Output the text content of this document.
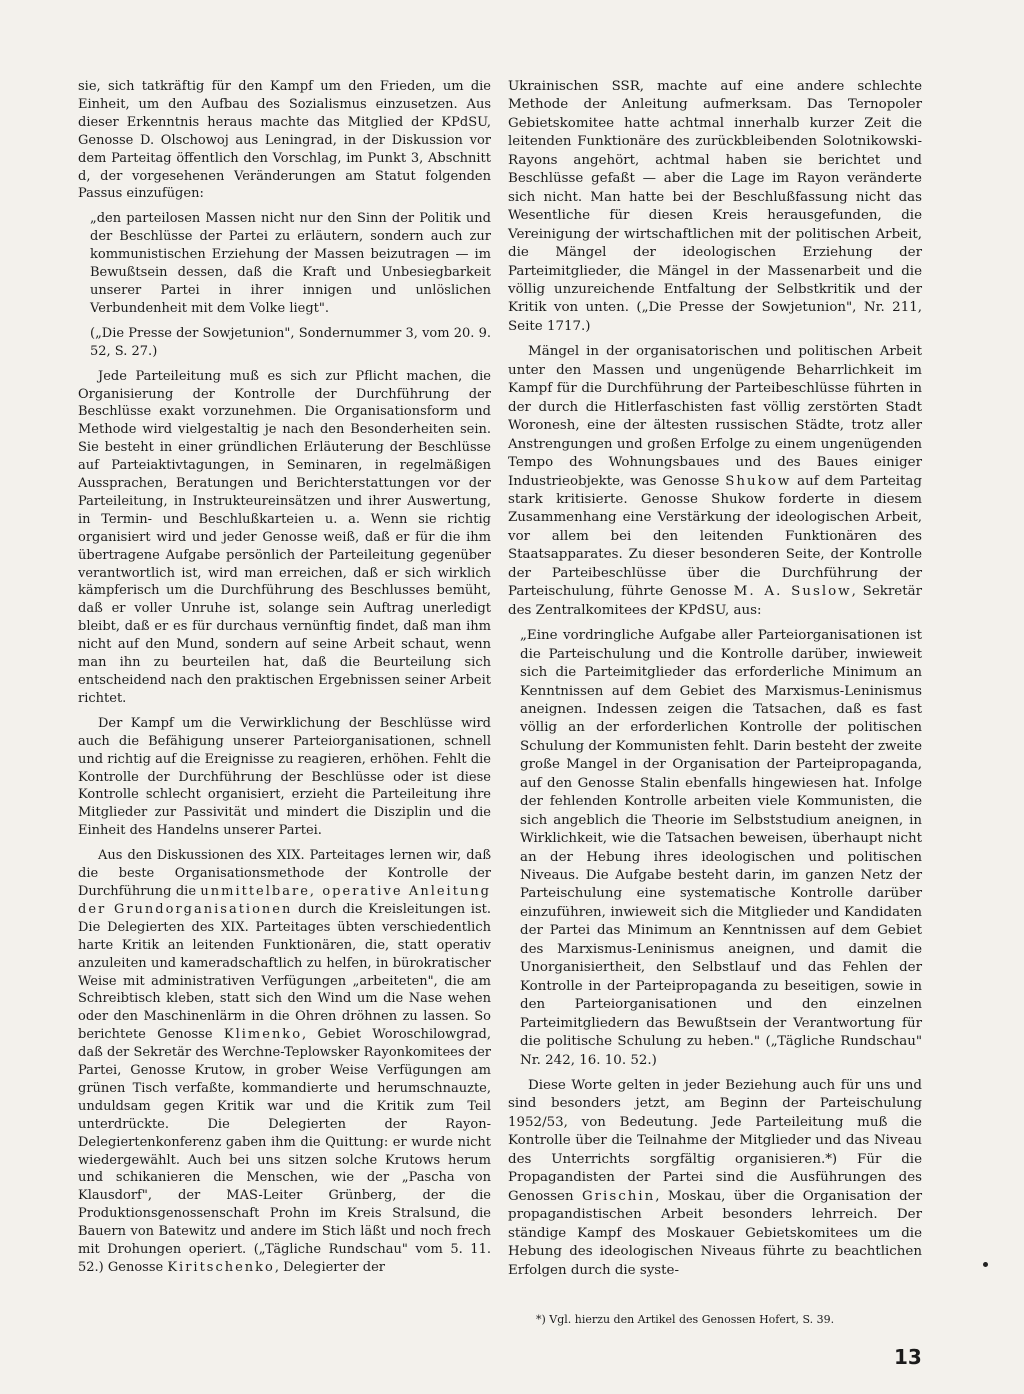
sie, sich tatkräftig für den Kampf um den Frieden, um die Einheit, um den Aufbau des Sozialismus einzusetzen. Aus dieser Erkenntnis heraus machte das Mitglied der KPdSU, Genosse D. Olschowoj aus Leningrad, in der Diskussion vor dem Parteitag öffentlich den Vorschlag, im Punkt 3, Abschnitt d, der vorgesehenen Veränderungen am Statut folgenden Passus einzufügen:

„den parteilosen Massen nicht nur den Sinn der Politik und der Beschlüsse der Partei zu erläutern, sondern auch zur kommunistischen Erziehung der Massen beizutragen — im Bewußtsein dessen, daß die Kraft und Unbesiegbarkeit unserer Partei in ihrer innigen und unlöslichen Verbundenheit mit dem Volke liegt".

(„Die Presse der Sowjetunion", Sondernummer 3, vom 20. 9. 52, S. 27.)

Jede Parteileitung muß es sich zur Pflicht machen, die Organisierung der Kontrolle der Durchführung der Beschlüsse exakt vorzunehmen. Die Organisationsform und Methode wird vielgestaltig je nach den Besonderheiten sein. Sie besteht in einer gründlichen Erläuterung der Beschlüsse auf Parteiaktivtagungen, in Seminaren, in regelmäßigen Aussprachen, Beratungen und Berichterstattungen vor der Parteileitung, in Instrukteureinsätzen und ihrer Auswertung, in Termin- und Beschlußkarteien u. a. Wenn sie richtig organisiert wird und jeder Genosse weiß, daß er für die ihm übertragene Aufgabe persönlich der Parteileitung gegenüber verantwortlich ist, wird man erreichen, daß er sich wirklich kämpferisch um die Durchführung des Beschlusses bemüht, daß er voller Unruhe ist, solange sein Auftrag unerledigt bleibt, daß er es für durchaus vernünftig findet, daß man ihm nicht auf den Mund, sondern auf seine Arbeit schaut, wenn man ihn zu beurteilen hat, daß die Beurteilung sich entscheidend nach den praktischen Ergebnissen seiner Arbeit richtet.

Der Kampf um die Verwirklichung der Beschlüsse wird auch die Befähigung unserer Parteiorganisationen, schnell und richtig auf die Ereignisse zu reagieren, erhöhen. Fehlt die Kontrolle der Durchführung der Beschlüsse oder ist diese Kontrolle schlecht organisiert, erzieht die Parteileitung ihre Mitglieder zur Passivität und mindert die Disziplin und die Einheit des Handelns unserer Partei.

Aus den Diskussionen des XIX. Parteitages lernen wir, daß die beste Organisationsmethode der Kontrolle der Durchführung die unmittelbare, operative Anleitung der Grundorganisationen durch die Kreisleitungen ist. Die Delegierten des XIX. Parteitages übten verschiedentlich harte Kritik an leitenden Funktionären, die, statt operativ anzuleiten und kameradschaftlich zu helfen, in bürokratischer Weise mit administrativen Verfügungen „arbeiteten", die am Schreibtisch kleben, statt sich den Wind um die Nase wehen oder den Maschinenlärm in die Ohren dröhnen zu lassen. So berichtete Genosse Klimenko, Gebiet Woroschilowgrad, daß der Sekretär des Werchne-Teplowsker Rayonkomitees der Partei, Genosse Krutow, in grober Weise Verfügungen am grünen Tisch verfaßte, kommandierte und herumschnauzte, unduldsam gegen Kritik war und die Kritik zum Teil unterdrückte. Die Delegierten der Rayon-Delegiertenkonferenz gaben ihm die Quittung: er wurde nicht wiedergewählt. Auch bei uns sitzen solche Krutows herum und schikanieren die Menschen, wie der „Pascha von Klausdorf", der MAS-Leiter Grünberg, der die Produktionsgenossenschaft Prohn im Kreis Stralsund, die Bauern von Batewitz und andere im Stich läßt und noch frech mit Drohungen operiert. („Tägliche Rundschau" vom 5. 11. 52.) Genosse Kiritschenko, Delegierter der

Ukrainischen SSR, machte auf eine andere schlechte Methode der Anleitung aufmerksam. Das Ternopoler Gebietskomitee hatte achtmal innerhalb kurzer Zeit die leitenden Funktionäre des zurückbleibenden Solotnikowski-Rayons angehört, achtmal haben sie berichtet und Beschlüsse gefaßt — aber die Lage im Rayon veränderte sich nicht. Man hatte bei der Beschlußfassung nicht das Wesentliche für diesen Kreis herausgefunden, die Vereinigung der wirtschaftlichen mit der politischen Arbeit, die Mängel der ideologischen Erziehung der Parteimitglieder, die Mängel in der Massenarbeit und die völlig unzureichende Entfaltung der Selbstkritik und der Kritik von unten. („Die Presse der Sowjetunion", Nr. 211, Seite 1717.)

Mängel in der organisatorischen und politischen Arbeit unter den Massen und ungenügende Beharrlichkeit im Kampf für die Durchführung der Parteibeschlüsse führten in der durch die Hitlerfaschisten fast völlig zerstörten Stadt Woronesh, eine der ältesten russischen Städte, trotz aller Anstrengungen und großen Erfolge zu einem ungenügenden Tempo des Wohnungsbaues und des Baues einiger Industrieobjekte, was Genosse Shukow auf dem Parteitag stark kritisierte. Genosse Shukow forderte in diesem Zusammenhang eine Verstärkung der ideologischen Arbeit, vor allem bei den leitenden Funktionären des Staatsapparates. Zu dieser besonderen Seite, der Kontrolle der Parteibeschlüsse über die Durchführung der Parteischulung, führte Genosse M. A. Suslow, Sekretär des Zentralkomitees der KPdSU, aus:

„Eine vordringliche Aufgabe aller Parteiorganisationen ist die Parteischulung und die Kontrolle darüber, inwieweit sich die Parteimitglieder das erforderliche Minimum an Kenntnissen auf dem Gebiet des Marxismus-Leninismus aneignen. Indessen zeigen die Tatsachen, daß es fast völlig an der erforderlichen Kontrolle der politischen Schulung der Kommunisten fehlt. Darin besteht der zweite große Mangel in der Organisation der Parteipropaganda, auf den Genosse Stalin ebenfalls hingewiesen hat. Infolge der fehlenden Kontrolle arbeiten viele Kommunisten, die sich angeblich die Theorie im Selbststudium aneignen, in Wirklichkeit, wie die Tatsachen beweisen, überhaupt nicht an der Hebung ihres ideologischen und politischen Niveaus. Die Aufgabe besteht darin, im ganzen Netz der Parteischulung eine systematische Kontrolle darüber einzuführen, inwieweit sich die Mitglieder und Kandidaten der Partei das Minimum an Kenntnissen auf dem Gebiet des Marxismus-Leninismus aneignen, und damit die Unorganisiertheit, den Selbstlauf und das Fehlen der Kontrolle in der Parteipropaganda zu beseitigen, sowie in den Parteiorganisationen und den einzelnen Parteimitgliedern das Bewußtsein der Verantwortung für die politische Schulung zu heben." („Tägliche Rundschau" Nr. 242, 16. 10. 52.)

Diese Worte gelten in jeder Beziehung auch für uns und sind besonders jetzt, am Beginn der Parteischulung 1952/53, von Bedeutung. Jede Parteileitung muß die Kontrolle über die Teilnahme der Mitglieder und das Niveau des Unterrichts sorgfältig organisieren.*) Für die Propagandisten der Partei sind die Ausführungen des Genossen Grischin, Moskau, über die Organisation der propagandistischen Arbeit besonders lehrreich. Der ständige Kampf des Moskauer Gebietskomitees um die Hebung des ideologischen Niveaus führte zu beachtlichen Erfolgen durch die syste-

*) Vgl. hierzu den Artikel des Genossen Hofert, S. 39.
13
